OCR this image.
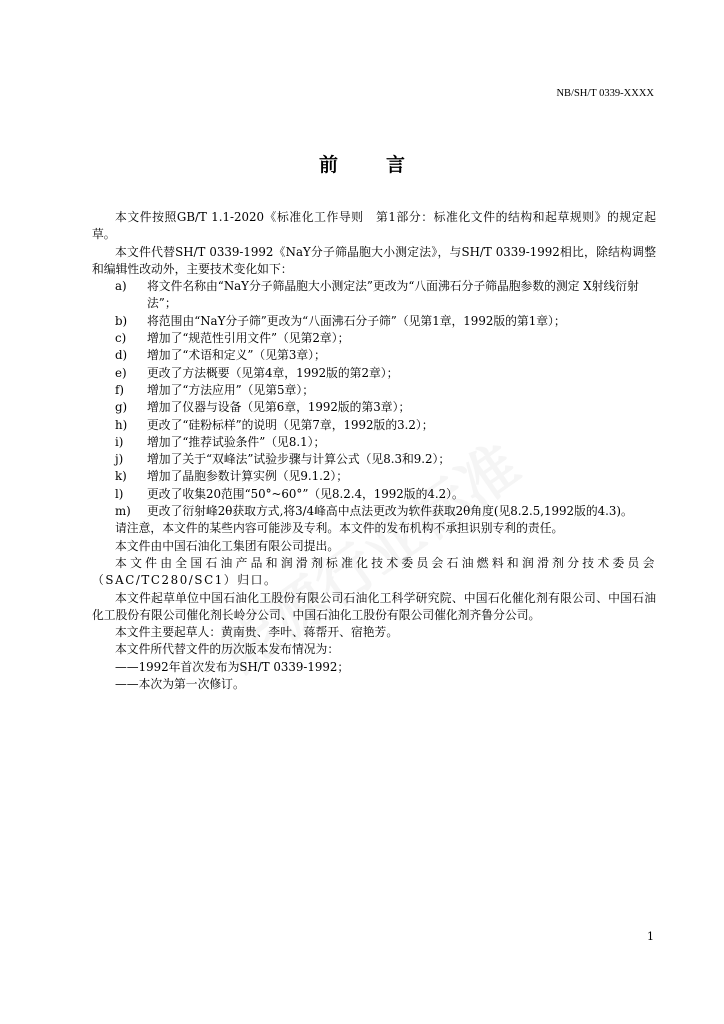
NB/SH/T 0339-XXXX
前	言

本文件按照GB/T 1.1-2020《标准化工作导则　第1部分：标准化文件的结构和起草规则》的规定起草。

本文件代替SH/T 0339-1992《NaY分子筛晶胞大小测定法》，与SH/T 0339-1992相比，除结构调整和编辑性改动外，主要技术变化如下：

a)	将文件名称由“NaY分子筛晶胞大小测定法”更改为“八面沸石分子筛晶胞参数的测定 X射线衍射法”；
b)	将范围由“NaY分子筛”更改为“八面沸石分子筛”（见第1章，1992版的第1章）；
c)	增加了“规范性引用文件”（见第2章）；
d)	增加了“术语和定义”（见第3章）；
e)	更改了方法概要（见第4章，1992版的第2章）；
f)	增加了“方法应用”（见第5章）；
g)	增加了仪器与设备（见第6章，1992版的第3章）；
h)	更改了“硅粉标样”的说明（见第7章，1992版的3.2）；
i)	增加了“推荐试验条件”（见8.1）；
j)	增加了关于“双峰法”试验步骤与计算公式（见8.3和9.2）；
k)	增加了晶胞参数计算实例（见9.1.2）；
l)	更改了收集20范围“50°~60°”（见8.2.4，1992版的4.2）。
m)	更改了衍射峰2θ获取方式,将3/4峰高中点法更改为软件获取2θ角度(见8.2.5,1992版的4.3)。

请注意，本文件的某些内容可能涉及专利。本文件的发布机构不承担识别专利的责任。

本文件由中国石油化工集团有限公司提出。

本文件由全国石油产品和润滑剂标准化技术委员会石油燃料和润滑剂分技术委员会（SAC/TC280/SC1）归口。

本文件起草单位中国石油化工股份有限公司石油化工科学研究院、中国石化催化剂有限公司、中国石油化工股份有限公司催化剂长岭分公司、中国石油化工股份有限公司催化剂齐鲁分公司。

本文件主要起草人：黄南贵、李叶、蒋帮开、宿艳芳。

本文件所代替文件的历次版本发布情况为：

——1992年首次发布为SH/T 0339-1992；

——本次为第一次修订。

1
